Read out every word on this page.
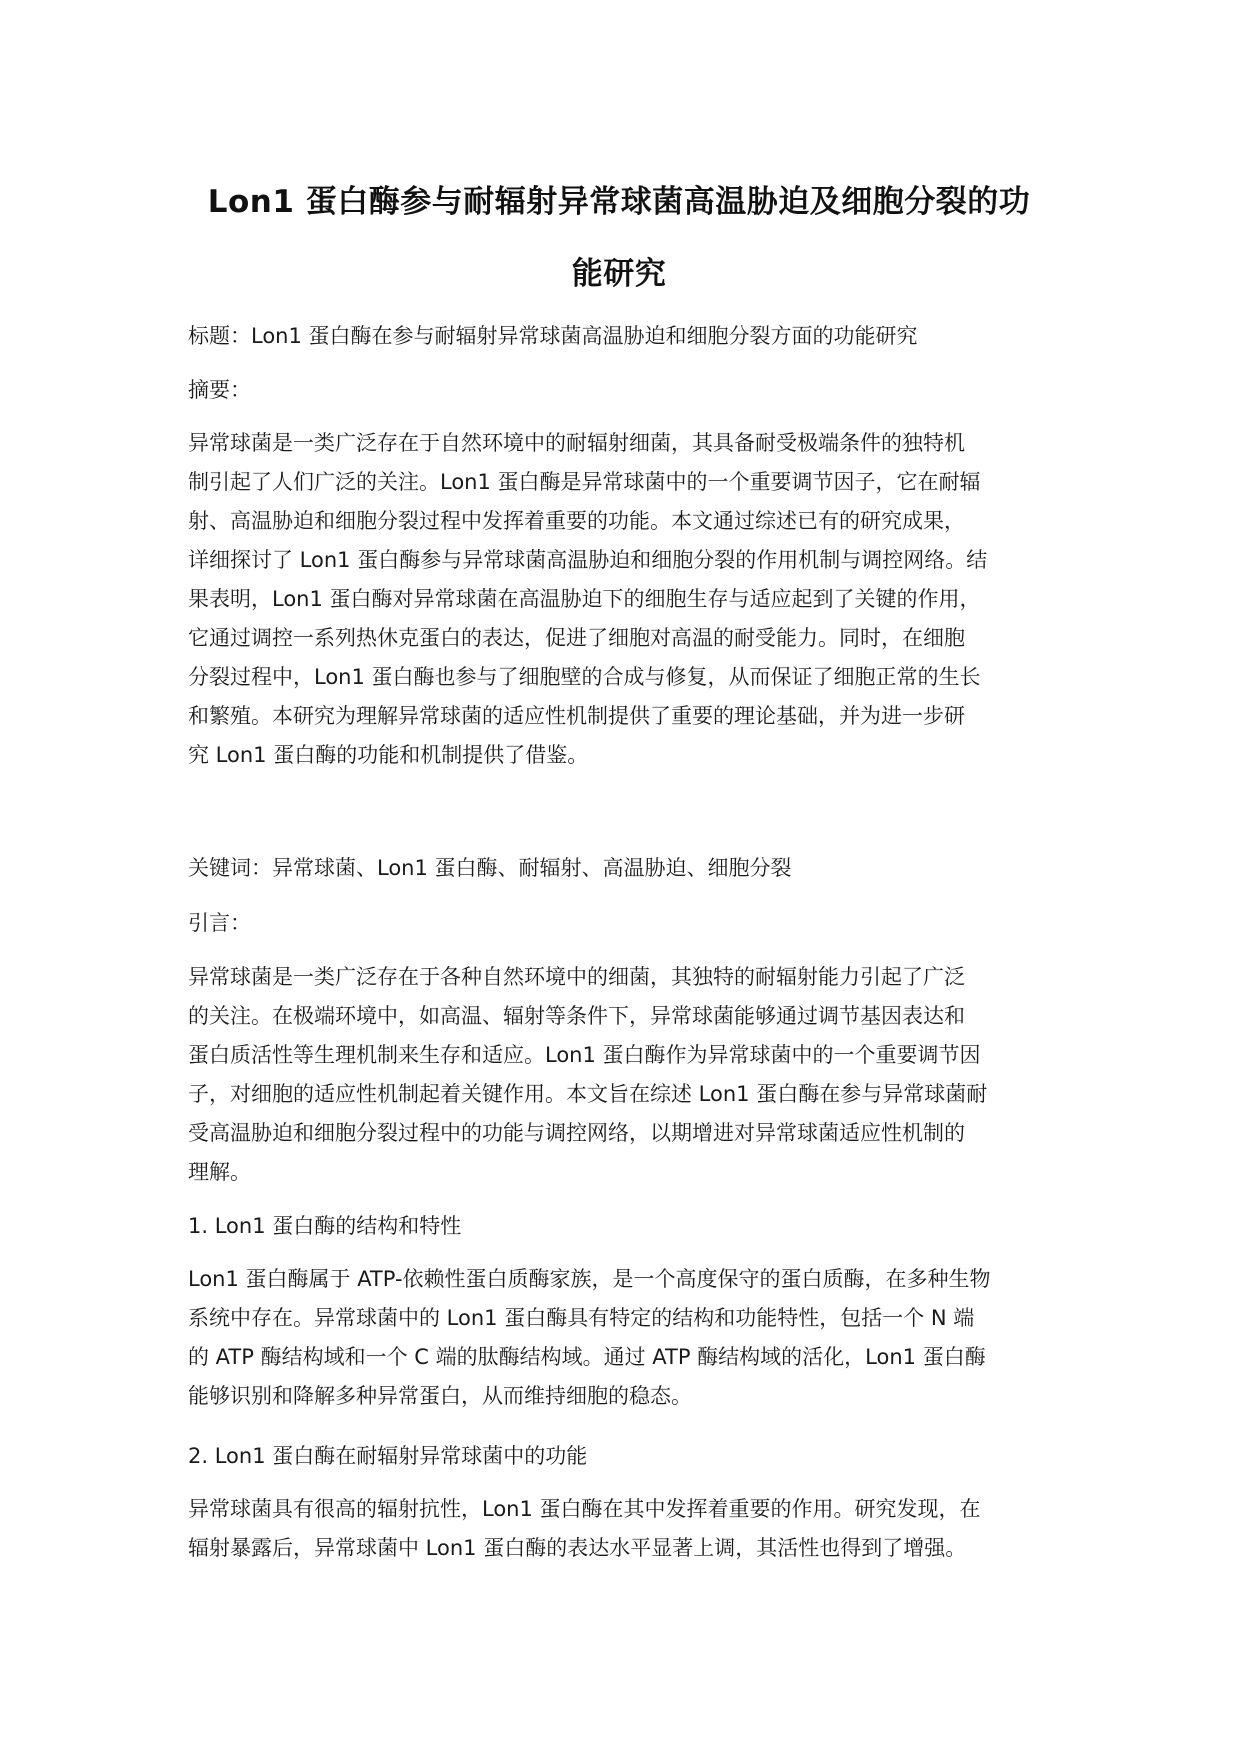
Lon1 蛋白酶参与耐辐射异常球菌高温胁迫及细胞分裂的功
能研究

标题：Lon1 蛋白酶在参与耐辐射异常球菌高温胁迫和细胞分裂方面的功能研究

摘要：

异常球菌是一类广泛存在于自然环境中的耐辐射细菌，其具备耐受极端条件的独特机
制引起了人们广泛的关注。Lon1 蛋白酶是异常球菌中的一个重要调节因子，它在耐辐
射、高温胁迫和细胞分裂过程中发挥着重要的功能。本文通过综述已有的研究成果，
详细探讨了 Lon1 蛋白酶参与异常球菌高温胁迫和细胞分裂的作用机制与调控网络。结
果表明，Lon1 蛋白酶对异常球菌在高温胁迫下的细胞生存与适应起到了关键的作用，
它通过调控一系列热休克蛋白的表达，促进了细胞对高温的耐受能力。同时，在细胞
分裂过程中，Lon1 蛋白酶也参与了细胞壁的合成与修复，从而保证了细胞正常的生长
和繁殖。本研究为理解异常球菌的适应性机制提供了重要的理论基础，并为进一步研
究 Lon1 蛋白酶的功能和机制提供了借鉴。

关键词：异常球菌、Lon1 蛋白酶、耐辐射、高温胁迫、细胞分裂

引言：

异常球菌是一类广泛存在于各种自然环境中的细菌，其独特的耐辐射能力引起了广泛
的关注。在极端环境中，如高温、辐射等条件下，异常球菌能够通过调节基因表达和
蛋白质活性等生理机制来生存和适应。Lon1 蛋白酶作为异常球菌中的一个重要调节因
子，对细胞的适应性机制起着关键作用。本文旨在综述 Lon1 蛋白酶在参与异常球菌耐
受高温胁迫和细胞分裂过程中的功能与调控网络，以期增进对异常球菌适应性机制的
理解。

1. Lon1 蛋白酶的结构和特性

Lon1 蛋白酶属于 ATP-依赖性蛋白质酶家族，是一个高度保守的蛋白质酶，在多种生物
系统中存在。异常球菌中的 Lon1 蛋白酶具有特定的结构和功能特性，包括一个 N 端
的 ATP 酶结构域和一个 C 端的肽酶结构域。通过 ATP 酶结构域的活化，Lon1 蛋白酶
能够识别和降解多种异常蛋白，从而维持细胞的稳态。

2. Lon1 蛋白酶在耐辐射异常球菌中的功能

异常球菌具有很高的辐射抗性，Lon1 蛋白酶在其中发挥着重要的作用。研究发现，在
辐射暴露后，异常球菌中 Lon1 蛋白酶的表达水平显著上调，其活性也得到了增强。
